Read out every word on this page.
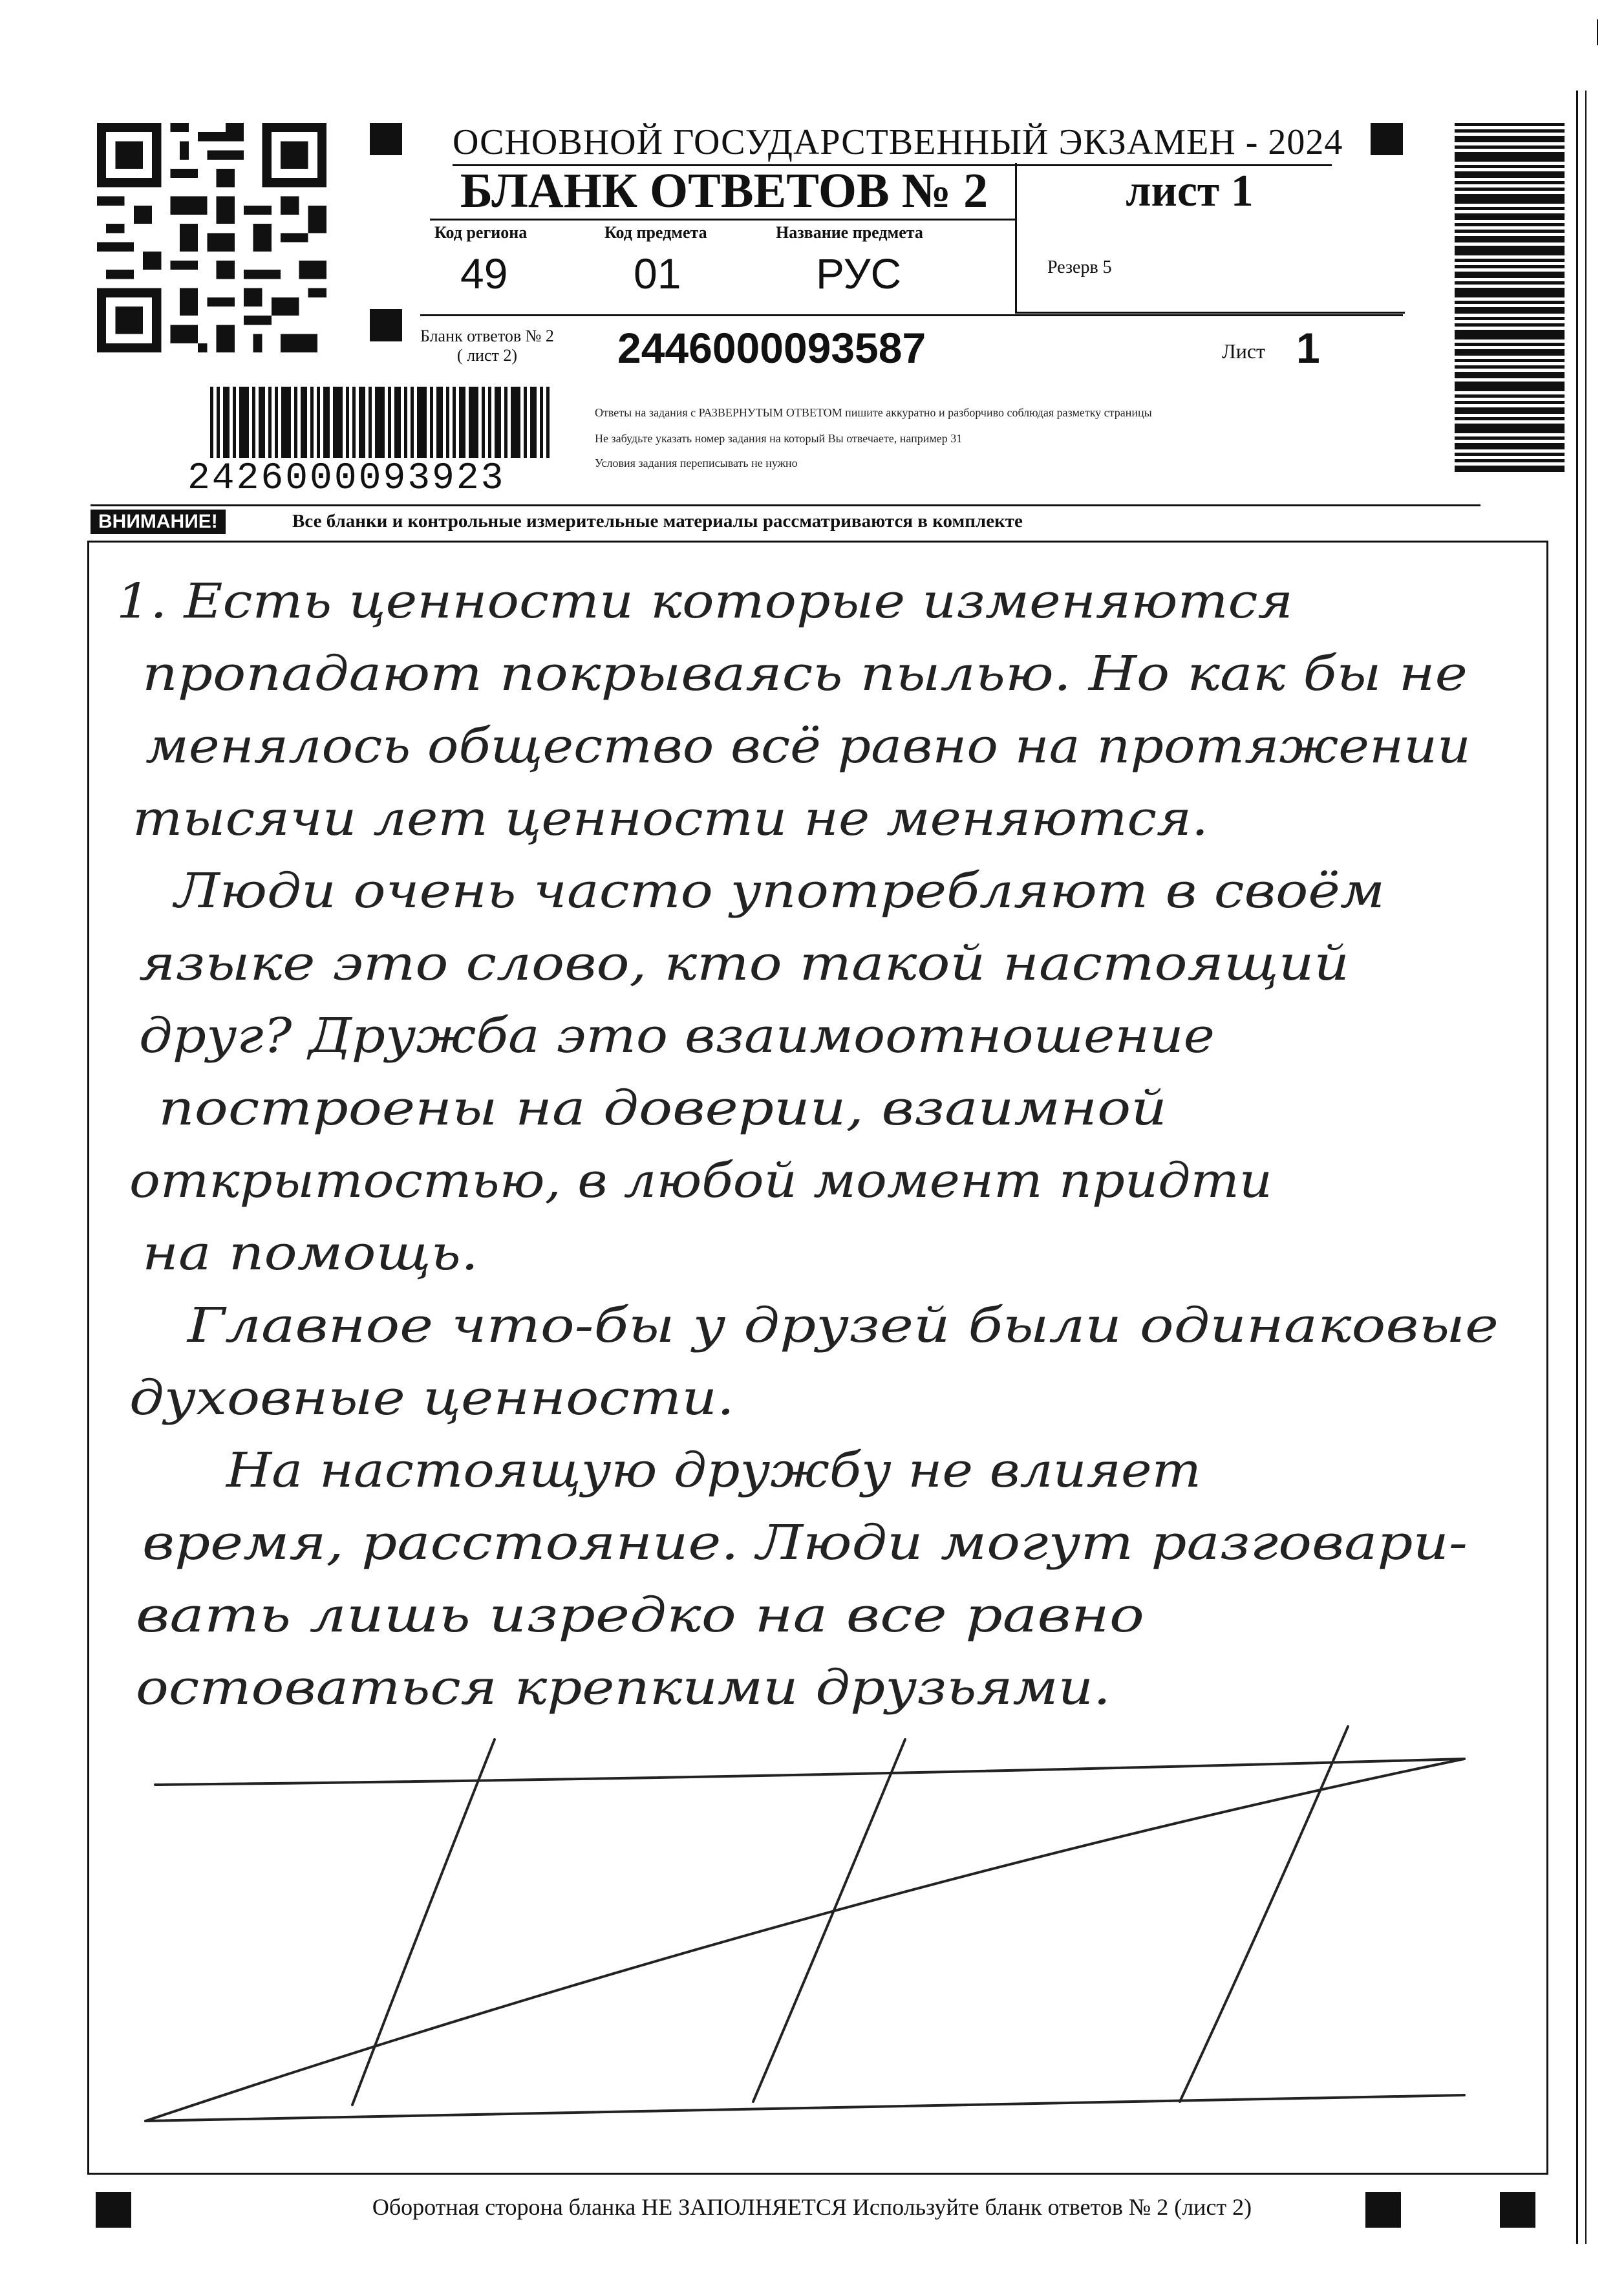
ОСНОВНОЙ ГОСУДАРСТВЕННЫЙ ЭКЗАМЕН - 2024
БЛАНК ОТВЕТОВ № 2	лист 1
Код региона
49
Код предмета
01
Название предмета
РУС	Резерв 5
Бланк ответов № 2
( лист 2)	2446000093587	Лист 1
Ответы на задания с РАЗВЕРНУТЫМ ОТВЕТОМ пишите аккуратно и разборчиво соблюдая разметку страницы
Не забудьте указать номер задания на который Вы отвечаете, например 31
Условия задания переписывать не нужно
2426000093923
ВНИМАНИЕ!	Все бланки и контрольные измерительные материалы рассматриваются в комплекте
1. Есть ценности которые изменяются
пропадают покрываясь пылью. Но как бы не
менялось общество всё равно на протяжении
тысячи лет ценности не меняются.
Люди очень часто употребляют в своём
языке это слово, кто такой настоящий
друг? Дружба это взаимоотношение
построены на доверии, взаимной
открытостью, в любой момент придти
на помощь.
Главное что-бы у друзей были одинаковые
духовные ценности.
На настоящую дружбу не влияет
время, расстояние. Люди могут разговари-
вать лишь изредко на все равно
остоваться крепкими друзьями.
Оборотная сторона бланка НЕ ЗАПОЛНЯЕТСЯ Используйте бланк ответов № 2 (лист 2)
